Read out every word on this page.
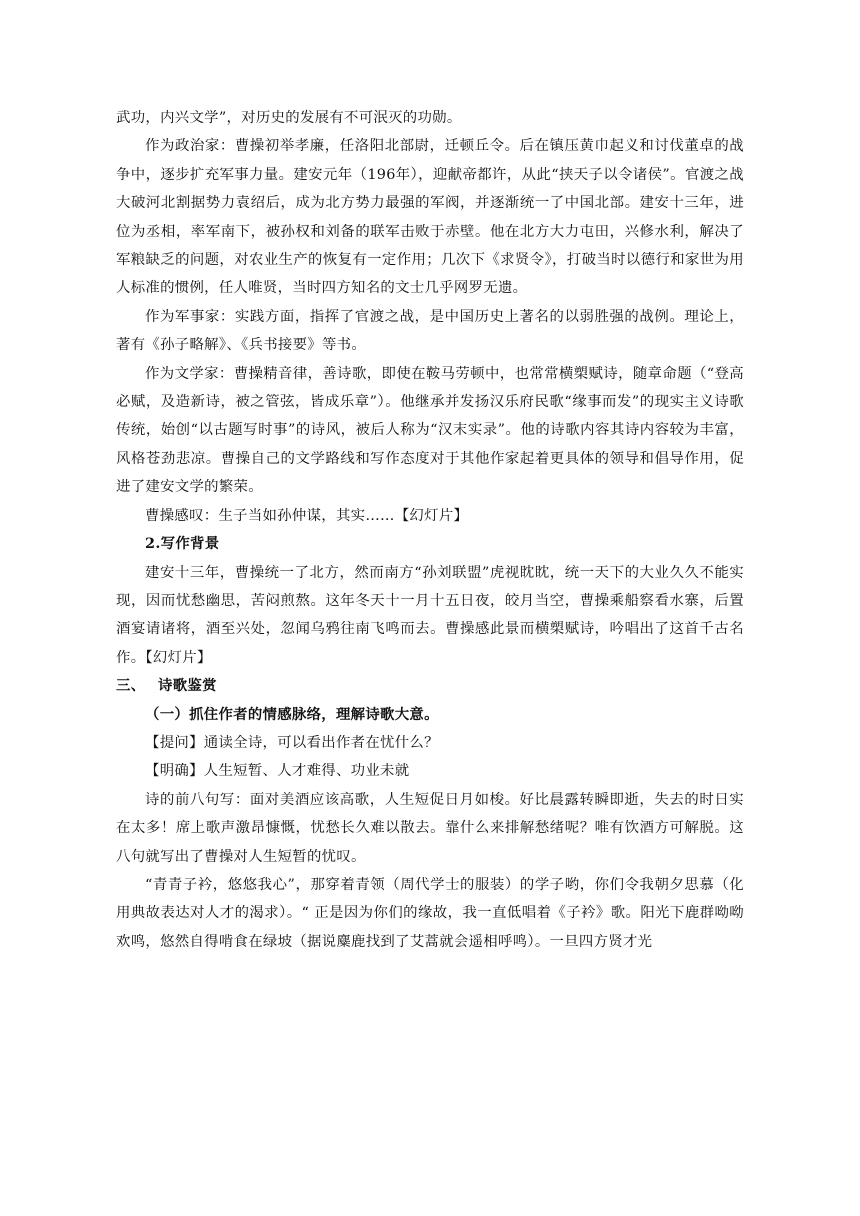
武功，内兴文学”，对历史的发展有不可泯灭的功勋。

作为政治家：曹操初举孝廉，任洛阳北部尉，迁顿丘令。后在镇压黄巾起义和讨伐董卓的战争中，逐步扩充军事力量。建安元年（196年），迎献帝都许，从此“挟天子以令诸侯”。官渡之战大破河北割据势力袁绍后，成为北方势力最强的军阀，并逐渐统一了中国北部。建安十三年，进位为丞相，率军南下，被孙权和刘备的联军击败于赤壁。他在北方大力屯田，兴修水利，解决了军粮缺乏的问题，对农业生产的恢复有一定作用；几次下《求贤令》，打破当时以德行和家世为用人标准的惯例，任人唯贤，当时四方知名的文士几乎网罗无遗。

作为军事家：实践方面，指挥了官渡之战，是中国历史上著名的以弱胜强的战例。理论上，著有《孙子略解》、《兵书接要》等书。

作为文学家：曹操精音律，善诗歌，即使在鞍马劳顿中，也常常横槊赋诗，随章命题（“登高必赋，及造新诗，被之管弦，皆成乐章”）。他继承并发扬汉乐府民歌“缘事而发”的现实主义诗歌传统，始创“以古题写时事”的诗风，被后人称为“汉末实录”。他的诗歌内容其诗内容较为丰富，风格苍劲悲凉。曹操自己的文学路线和写作态度对于其他作家起着更具体的领导和倡导作用，促进了建安文学的繁荣。

曹操感叹：生子当如孙仲谋，其实……【幻灯片】

2.写作背景

建安十三年，曹操统一了北方，然而南方“孙刘联盟”虎视眈眈，统一天下的大业久久不能实现，因而忧愁幽思，苦闷煎熬。这年冬天十一月十五日夜，皎月当空，曹操乘船察看水寨，后置酒宴请诸将，酒至兴处，忽闻乌鸦往南飞鸣而去。曹操感此景而横槊赋诗，吟唱出了这首千古名作。【幻灯片】

三、 诗歌鉴赏

（一）抓住作者的情感脉络，理解诗歌大意。

【提问】通读全诗，可以看出作者在忧什么？

【明确】人生短暂、人才难得、功业未就

诗的前八句写：面对美酒应该高歌，人生短促日月如梭。好比晨露转瞬即逝，失去的时日实在太多！席上歌声激昂慷慨，忧愁长久难以散去。靠什么来排解愁绪呢？唯有饮酒方可解脱。这八句就写出了曹操对人生短暂的忧叹。

“青青子衿，悠悠我心”，那穿着青领（周代学士的服装）的学子哟，你们令我朝夕思慕（化用典故表达对人才的渴求）。“ 正是因为你们的缘故，我一直低唱着《子衿》歌。阳光下鹿群呦呦欢鸣，悠然自得啃食在绿坡（据说麋鹿找到了艾蒿就会遥相呼鸣）。一旦四方贤才光
